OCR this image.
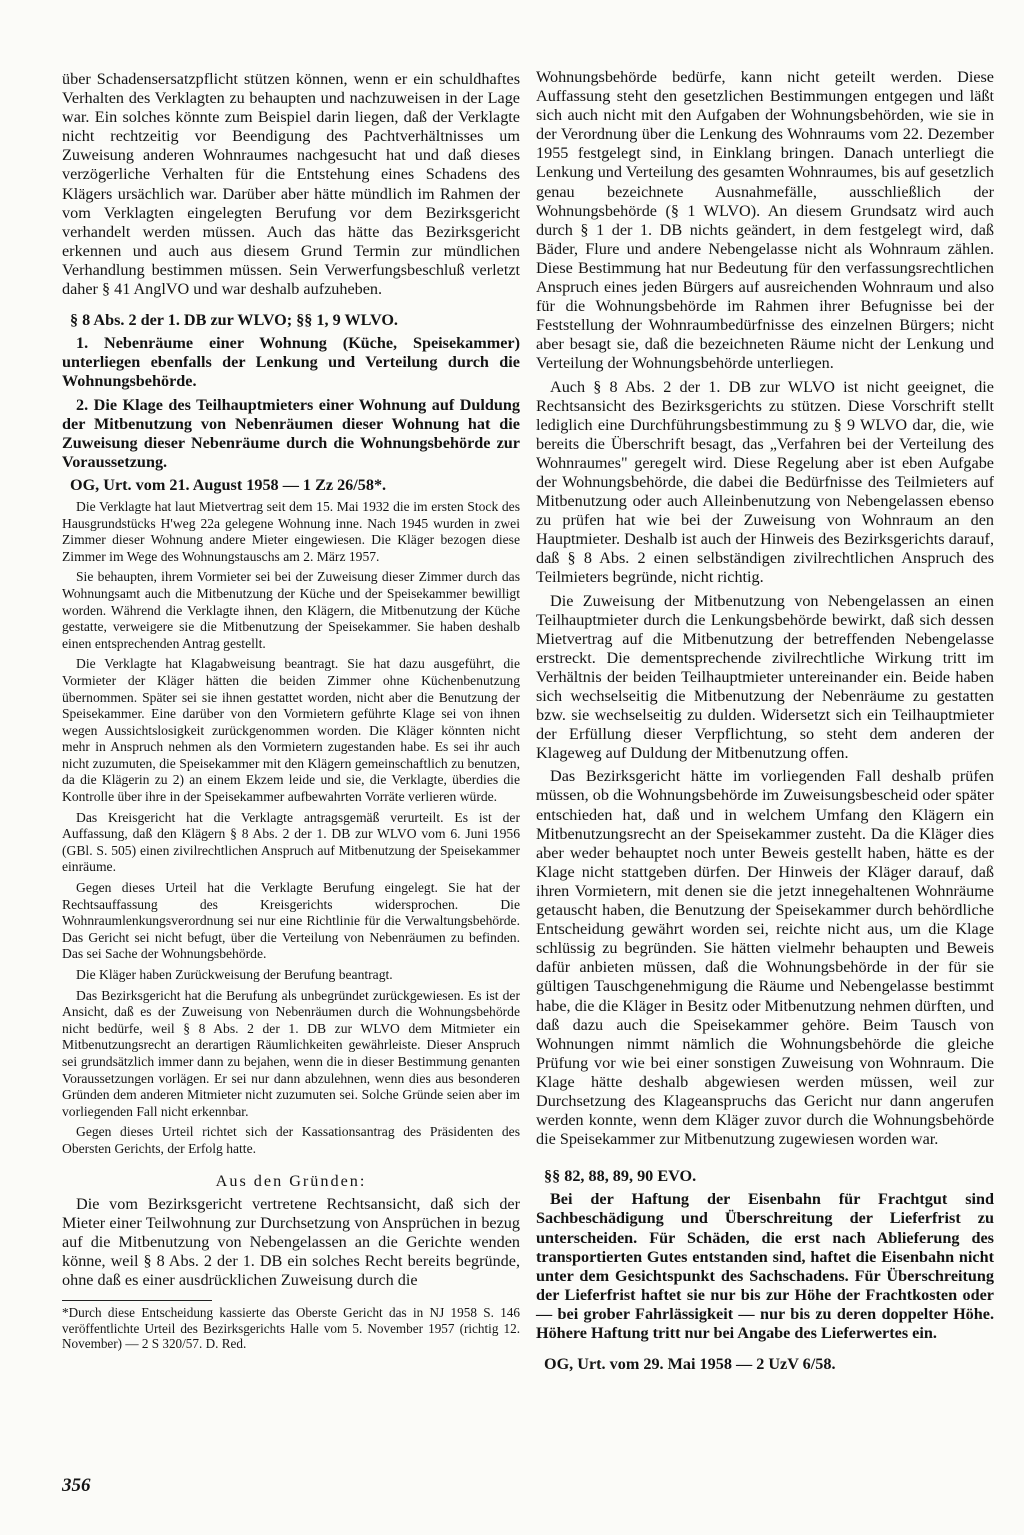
über Schadensersatzpflicht stützen können, wenn er ein schuldhaftes Verhalten des Verklagten zu behaupten und nachzuweisen in der Lage war. Ein solches könnte zum Beispiel darin liegen, daß der Verklagte nicht rechtzeitig vor Beendigung des Pachtverhältnisses um Zuweisung anderen Wohnraumes nachgesucht hat und daß dieses verzögerliche Verhalten für die Entstehung eines Schadens des Klägers ursächlich war. Darüber aber hätte mündlich im Rahmen der vom Verklagten eingelegten Berufung vor dem Bezirksgericht verhandelt werden müssen. Auch das hätte das Bezirksgericht erkennen und auch aus diesem Grund Termin zur mündlichen Verhandlung bestimmen müssen. Sein Verwerfungsbeschluß verletzt daher § 41 AnglVO und war deshalb aufzuheben.

§ 8 Abs. 2 der 1. DB zur WLVO; §§ 1, 9 WLVO.
1. Nebenräume einer Wohnung (Küche, Speisekammer) unterliegen ebenfalls der Lenkung und Verteilung durch die Wohnungsbehörde.
2. Die Klage des Teilhauptmieters einer Wohnung auf Duldung der Mitbenutzung von Nebenräumen dieser Wohnung hat die Zuweisung dieser Nebenräume durch die Wohnungsbehörde zur Voraussetzung.
OG, Urt. vom 21. August 1958 — 1 Zz 26/58*.

Die Verklagte hat laut Mietvertrag seit dem 15. Mai 1932 die im ersten Stock des Hausgrundstücks H'weg 22a gelegene Wohnung inne. Nach 1945 wurden in zwei Zimmer dieser Wohnung andere Mieter eingewiesen. Die Kläger bezogen diese Zimmer im Wege des Wohnungstauschs am 2. März 1957.

Sie behaupten, ihrem Vormieter sei bei der Zuweisung dieser Zimmer durch das Wohnungsamt auch die Mitbenutzung der Küche und der Speisekammer bewilligt worden. Während die Verklagte ihnen, den Klägern, die Mitbenutzung der Küche gestatte, verweigere sie die Mitbenutzung der Speisekammer. Sie haben deshalb einen entsprechenden Antrag gestellt.

Die Verklagte hat Klagabweisung beantragt. Sie hat dazu ausgeführt, die Vormieter der Kläger hätten die beiden Zimmer ohne Küchenbenutzung übernommen. Später sei sie ihnen gestattet worden, nicht aber die Benutzung der Speisekammer. Eine darüber von den Vormietern geführte Klage sei von ihnen wegen Aussichtslosigkeit zurückgenommen worden. Die Kläger könnten nicht mehr in Anspruch nehmen als den Vormietern zugestanden habe. Es sei ihr auch nicht zuzumuten, die Speisekammer mit den Klägern gemeinschaftlich zu benutzen, da die Klägerin zu 2) an einem Ekzem leide und sie, die Verklagte, überdies die Kontrolle über ihre in der Speisekammer aufbewahrten Vorräte verlieren würde.

Das Kreisgericht hat die Verklagte antragsgemäß verurteilt. Es ist der Auffassung, daß den Klägern § 8 Abs. 2 der 1. DB zur WLVO vom 6. Juni 1956 (GBl. S. 505) einen zivilrechtlichen Anspruch auf Mitbenutzung der Speisekammer einräume.

Gegen dieses Urteil hat die Verklagte Berufung eingelegt. Sie hat der Rechtsauffassung des Kreisgerichts widersprochen. Die Wohnraumlenkungsverordnung sei nur eine Richtlinie für die Verwaltungsbehörde. Das Gericht sei nicht befugt, über die Verteilung von Nebenräumen zu befinden. Das sei Sache der Wohnungsbehörde.

Die Kläger haben Zurückweisung der Berufung beantragt.

Das Bezirksgericht hat die Berufung als unbegründet zurückgewiesen. Es ist der Ansicht, daß es der Zuweisung von Nebenräumen durch die Wohnungsbehörde nicht bedürfe, weil § 8 Abs. 2 der 1. DB zur WLVO dem Mitmieter ein Mitbenutzungsrecht an derartigen Räumlichkeiten gewährleiste. Dieser Anspruch sei grundsätzlich immer dann zu bejahen, wenn die in dieser Bestimmung genanten Voraussetzungen vorlägen. Er sei nur dann abzulehnen, wenn dies aus besonderen Gründen dem anderen Mitmieter nicht zuzumuten sei. Solche Gründe seien aber im vorliegenden Fall nicht erkennbar.

Gegen dieses Urteil richtet sich der Kassationsantrag des Präsidenten des Obersten Gerichts, der Erfolg hatte.

Aus den Gründen:

Die vom Bezirksgericht vertretene Rechtsansicht, daß sich der Mieter einer Teilwohnung zur Durchsetzung von Ansprüchen in bezug auf die Mitbenutzung von Nebengelassen an die Gerichte wenden könne, weil § 8 Abs. 2 der 1. DB ein solches Recht bereits begründe, ohne daß es einer ausdrücklichen Zuweisung durch die

*Durch diese Entscheidung kassierte das Oberste Gericht das in NJ 1958 S. 146 veröffentlichte Urteil des Bezirksgerichts Halle vom 5. November 1957 (richtig 12. November) — 2 S 320/57. D. Red.

Wohnungsbehörde bedürfe, kann nicht geteilt werden. Diese Auffassung steht den gesetzlichen Bestimmungen entgegen und läßt sich auch nicht mit den Aufgaben der Wohnungsbehörden, wie sie in der Verordnung über die Lenkung des Wohnraums vom 22. Dezember 1955 festgelegt sind, in Einklang bringen. Danach unterliegt die Lenkung und Verteilung des gesamten Wohnraumes, bis auf gesetzlich genau bezeichnete Ausnahmefälle, ausschließlich der Wohnungsbehörde (§ 1 WLVO). An diesem Grundsatz wird auch durch § 1 der 1. DB nichts geändert, in dem festgelegt wird, daß Bäder, Flure und andere Nebengelasse nicht als Wohnraum zählen. Diese Bestimmung hat nur Bedeutung für den verfassungsrechtlichen Anspruch eines jeden Bürgers auf ausreichenden Wohnraum und also für die Wohnungsbehörde im Rahmen ihrer Befugnisse bei der Feststellung der Wohnraumbedürfnisse des einzelnen Bürgers; nicht aber besagt sie, daß die bezeichneten Räume nicht der Lenkung und Verteilung der Wohnungsbehörde unterliegen.

Auch § 8 Abs. 2 der 1. DB zur WLVO ist nicht geeignet, die Rechtsansicht des Bezirksgerichts zu stützen. Diese Vorschrift stellt lediglich eine Durchführungsbestimmung zu § 9 WLVO dar, die, wie bereits die Überschrift besagt, das „Verfahren bei der Verteilung des Wohnraumes" geregelt wird. Diese Regelung aber ist eben Aufgabe der Wohnungsbehörde, die dabei die Bedürfnisse des Teilmieters auf Mitbenutzung oder auch Alleinbenutzung von Nebengelassen ebenso zu prüfen hat wie bei der Zuweisung von Wohnraum an den Hauptmieter. Deshalb ist auch der Hinweis des Bezirksgerichts darauf, daß § 8 Abs. 2 einen selbständigen zivilrechtlichen Anspruch des Teilmieters begründe, nicht richtig.

Die Zuweisung der Mitbenutzung von Nebengelassen an einen Teilhauptmieter durch die Lenkungsbehörde bewirkt, daß sich dessen Mietvertrag auf die Mitbenutzung der betreffenden Nebengelasse erstreckt. Die dementsprechende zivilrechtliche Wirkung tritt im Verhältnis der beiden Teilhauptmieter untereinander ein. Beide haben sich wechselseitig die Mitbenutzung der Nebenräume zu gestatten bzw. sie wechselseitig zu dulden. Widersetzt sich ein Teilhauptmieter der Erfüllung dieser Verpflichtung, so steht dem anderen der Klageweg auf Duldung der Mitbenutzung offen.

Das Bezirksgericht hätte im vorliegenden Fall deshalb prüfen müssen, ob die Wohnungsbehörde im Zuweisungsbescheid oder später entschieden hat, daß und in welchem Umfang den Klägern ein Mitbenutzungsrecht an der Speisekammer zusteht. Da die Kläger dies aber weder behauptet noch unter Beweis gestellt haben, hätte es der Klage nicht stattgeben dürfen. Der Hinweis der Kläger darauf, daß ihren Vormietern, mit denen sie die jetzt innegehaltenen Wohnräume getauscht haben, die Benutzung der Speisekammer durch behördliche Entscheidung gewährt worden sei, reichte nicht aus, um die Klage schlüssig zu begründen. Sie hätten vielmehr behaupten und Beweis dafür anbieten müssen, daß die Wohnungsbehörde in der für sie gültigen Tauschgenehmigung die Räume und Nebengelasse bestimmt habe, die die Kläger in Besitz oder Mitbenutzung nehmen dürften, und daß dazu auch die Speisekammer gehöre. Beim Tausch von Wohnungen nimmt nämlich die Wohnungsbehörde die gleiche Prüfung vor wie bei einer sonstigen Zuweisung von Wohnraum. Die Klage hätte deshalb abgewiesen werden müssen, weil zur Durchsetzung des Klageanspruchs das Gericht nur dann angerufen werden konnte, wenn dem Kläger zuvor durch die Wohnungsbehörde die Speisekammer zur Mitbenutzung zugewiesen worden war.

§§ 82, 88, 89, 90 EVO.
Bei der Haftung der Eisenbahn für Frachtgut sind Sachbeschädigung und Überschreitung der Lieferfrist zu unterscheiden. Für Schäden, die erst nach Ablieferung des transportierten Gutes entstanden sind, haftet die Eisenbahn nicht unter dem Gesichtspunkt des Sachschadens. Für Überschreitung der Lieferfrist haftet sie nur bis zur Höhe der Frachtkosten oder — bei grober Fahrlässigkeit — nur bis zu deren doppelter Höhe. Höhere Haftung tritt nur bei Angabe des Lieferwertes ein.
OG, Urt. vom 29. Mai 1958 — 2 UzV 6/58.
356
